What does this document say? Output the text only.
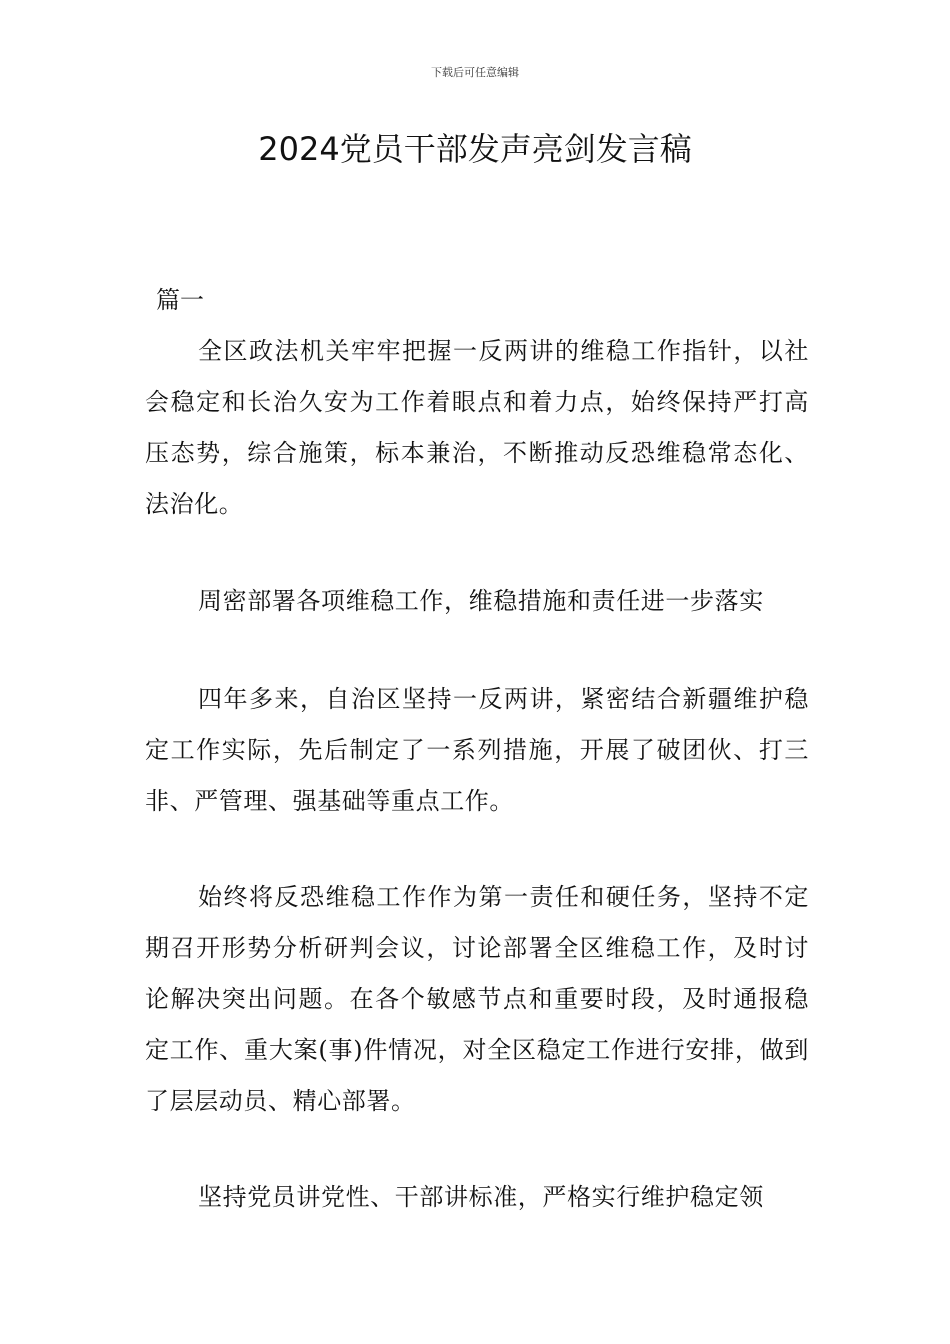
下载后可任意编辑
2024党员干部发声亮剑发言稿
篇一

全区政法机关牢牢把握一反两讲的维稳工作指针，以社会稳定和长治久安为工作着眼点和着力点，始终保持严打高压态势，综合施策，标本兼治，不断推动反恐维稳常态化、法治化。

周密部署各项维稳工作，维稳措施和责任进一步落实

四年多来，自治区坚持一反两讲，紧密结合新疆维护稳定工作实际，先后制定了一系列措施，开展了破团伙、打三非、严管理、强基础等重点工作。

始终将反恐维稳工作作为第一责任和硬任务，坚持不定期召开形势分析研判会议，讨论部署全区维稳工作，及时讨论解决突出问题。在各个敏感节点和重要时段，及时通报稳定工作、重大案(事)件情况，对全区稳定工作进行安排，做到了层层动员、精心部署。

坚持党员讲党性、干部讲标准，严格实行维护稳定领
